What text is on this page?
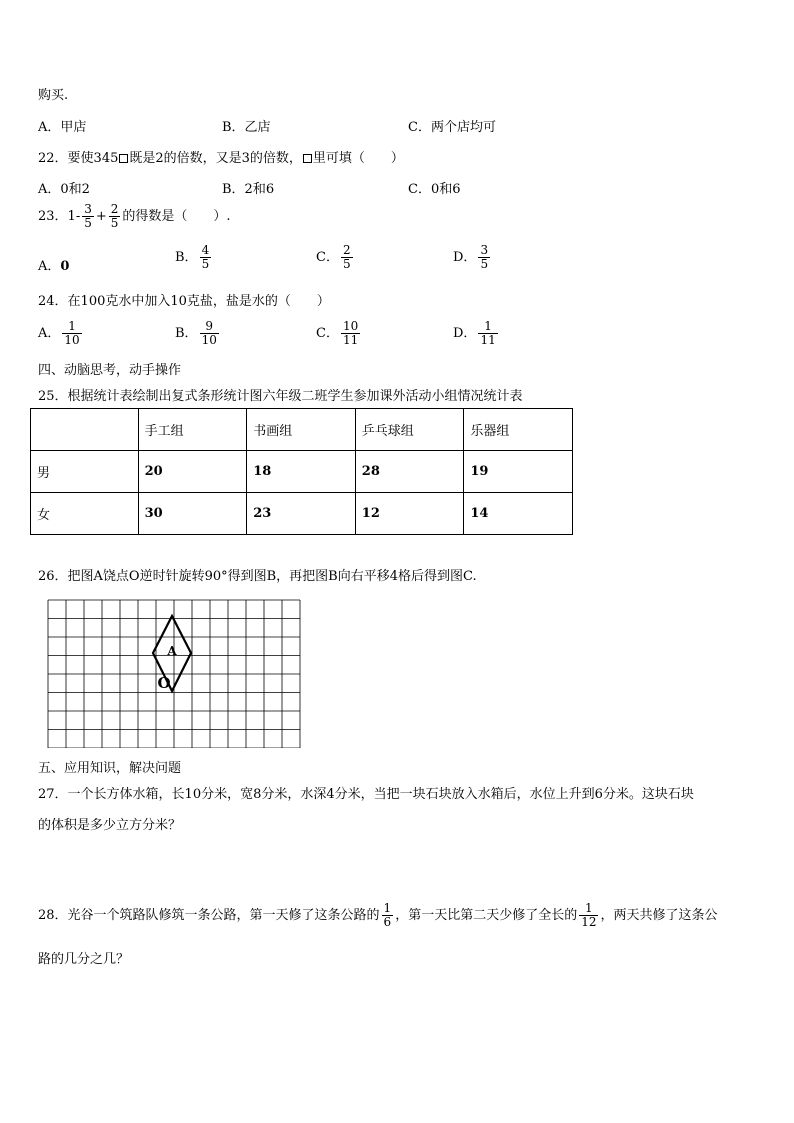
购买.
A．甲店	B．乙店	C．两个店均可
22．要使345 既是2的倍数，又是3的倍数， 里可填（　　）
A．0和2	B．2和6	C．0和6
23．$1- \frac{3}{5} + \frac{2}{5}$ 的得数是（　　）.
A．0
B． $\frac{4}{5}$	C． $\frac{2}{5}$	D． $\frac{3}{5}$
24．在100克水中加入10克盐，盐是水的（　　）
A． $\frac{1}{10}$	B． $\frac{9}{10}$	C． $\frac{10}{11}$	D． $\frac{1}{11}$
四、动脑思考，动手操作
25．根据统计表绘制出复式条形统计图六年级二班学生参加课外活动小组情况统计表
	手工组	书画组	乒乓球组	乐器组
男	20	18	28	19
女	30	23	12	14
26．把图A饶点O逆时针旋转90°得到图B，再把图B向右平移4格后得到图C.
A
O
五、应用知识，解决问题
27．一个长方体水箱，长10分米，宽8分米，水深4分米，当把一块石块放入水箱后，水位上升到6分米。这块石块
的体积是多少立方分米？
28．光谷一个筑路队修筑一条公路，第一天修了这条公路的 $\frac{1}{6}$ ，第一天比第二天少修了全长的 $\frac{1}{12}$ ，两天共修了这条公
路的几分之几？
